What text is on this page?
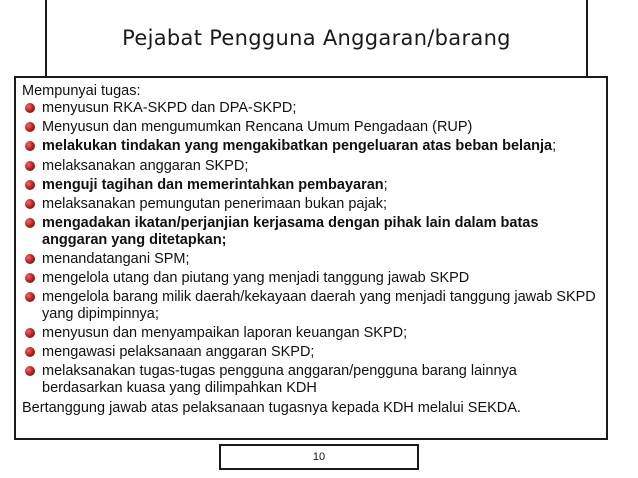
Pejabat Pengguna Anggaran/barang
Mempunyai tugas:
menyusun RKA-SKPD dan DPA-SKPD;
Menyusun dan mengumumkan Rencana Umum Pengadaan (RUP)
melakukan tindakan yang mengakibatkan pengeluaran atas beban belanja;
melaksanakan anggaran SKPD;
menguji tagihan dan memerintahkan pembayaran;
melaksanakan pemungutan penerimaan bukan pajak;
mengadakan ikatan/perjanjian kerjasama dengan pihak lain dalam batas anggaran yang ditetapkan;
menandatangani SPM;
mengelola utang dan piutang yang menjadi tanggung jawab SKPD
mengelola barang milik daerah/kekayaan daerah yang menjadi tanggung jawab SKPD yang dipimpinnya;
menyusun dan menyampaikan laporan keuangan SKPD;
mengawasi pelaksanaan anggaran SKPD;
melaksanakan tugas-tugas pengguna anggaran/pengguna barang lainnya berdasarkan kuasa yang dilimpahkan KDH
Bertanggung jawab atas pelaksanaan tugasnya kepada KDH melalui SEKDA.
10
